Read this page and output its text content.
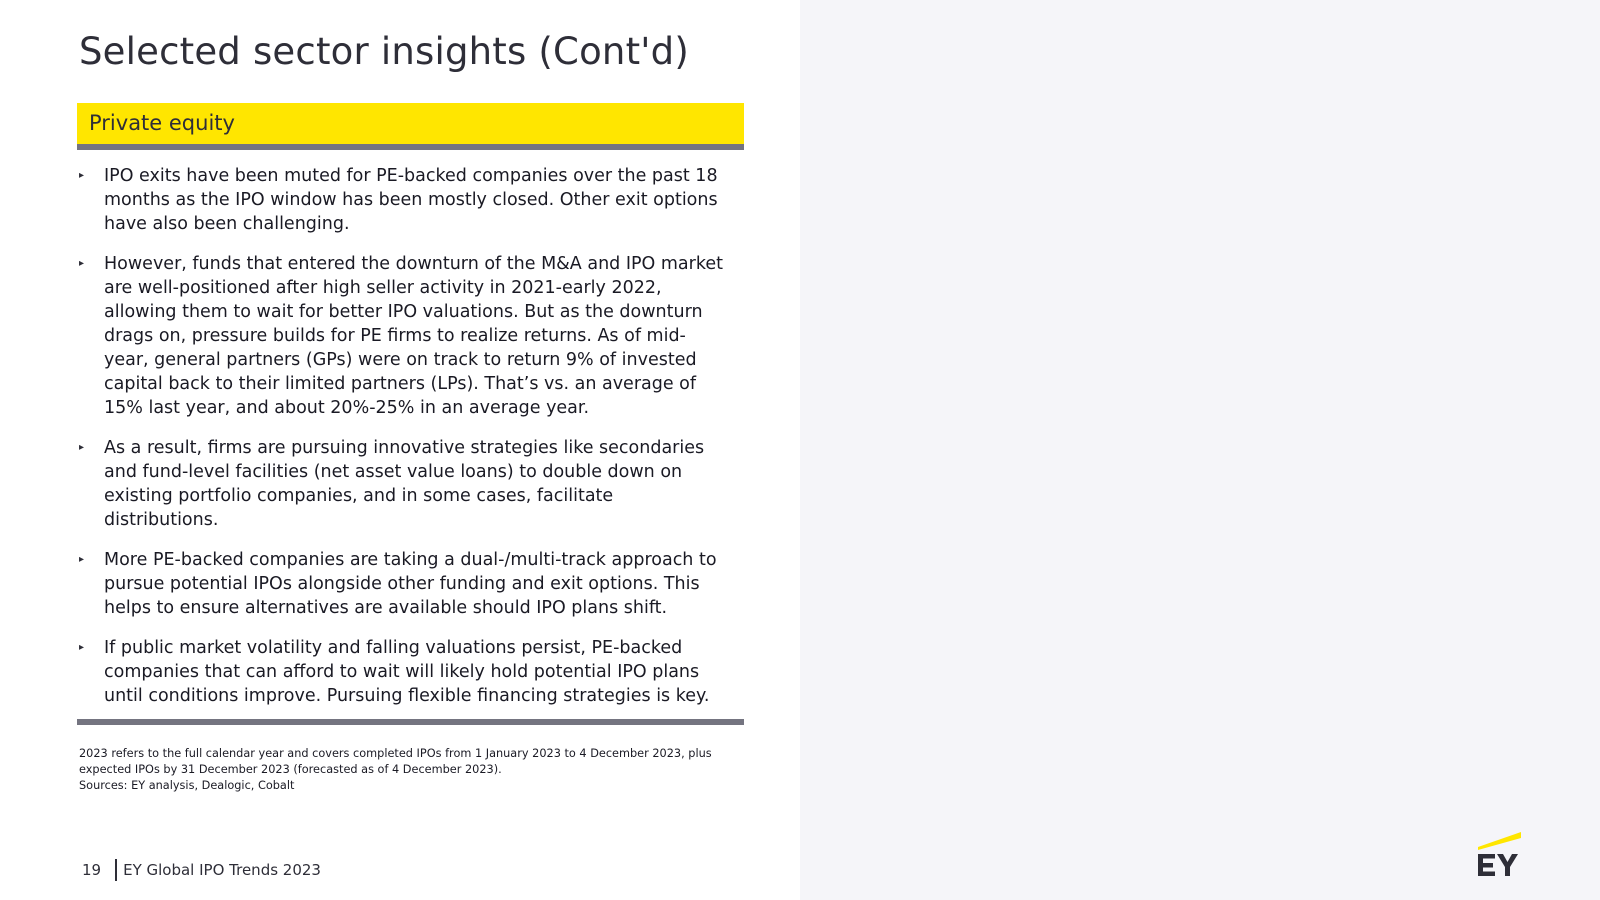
Selected sector insights (Cont'd)
Private equity
▸ IPO exits have been muted for PE-backed companies over the past 18
months as the IPO window has been mostly closed. Other exit options
have also been challenging.
▸ However, funds that entered the downturn of the M&A and IPO market
are well-positioned after high seller activity in 2021-early 2022,
allowing them to wait for better IPO valuations. But as the downturn
drags on, pressure builds for PE firms to realize returns. As of mid-
year, general partners (GPs) were on track to return 9% of invested
capital back to their limited partners (LPs). That’s vs. an average of
15% last year, and about 20%-25% in an average year.
▸ As a result, firms are pursuing innovative strategies like secondaries
and fund-level facilities (net asset value loans) to double down on
existing portfolio companies, and in some cases, facilitate
distributions.
▸ More PE-backed companies are taking a dual-/multi-track approach to
pursue potential IPOs alongside other funding and exit options. This
helps to ensure alternatives are available should IPO plans shift.
▸ If public market volatility and falling valuations persist, PE-backed
companies that can afford to wait will likely hold potential IPO plans
until conditions improve. Pursuing flexible financing strategies is key.
2023 refers to the full calendar year and covers completed IPOs from 1 January 2023 to 4 December 2023, plus
expected IPOs by 31 December 2023 (forecasted as of 4 December 2023).
Sources: EY analysis, Dealogic, Cobalt
19 EY Global IPO Trends 2023
